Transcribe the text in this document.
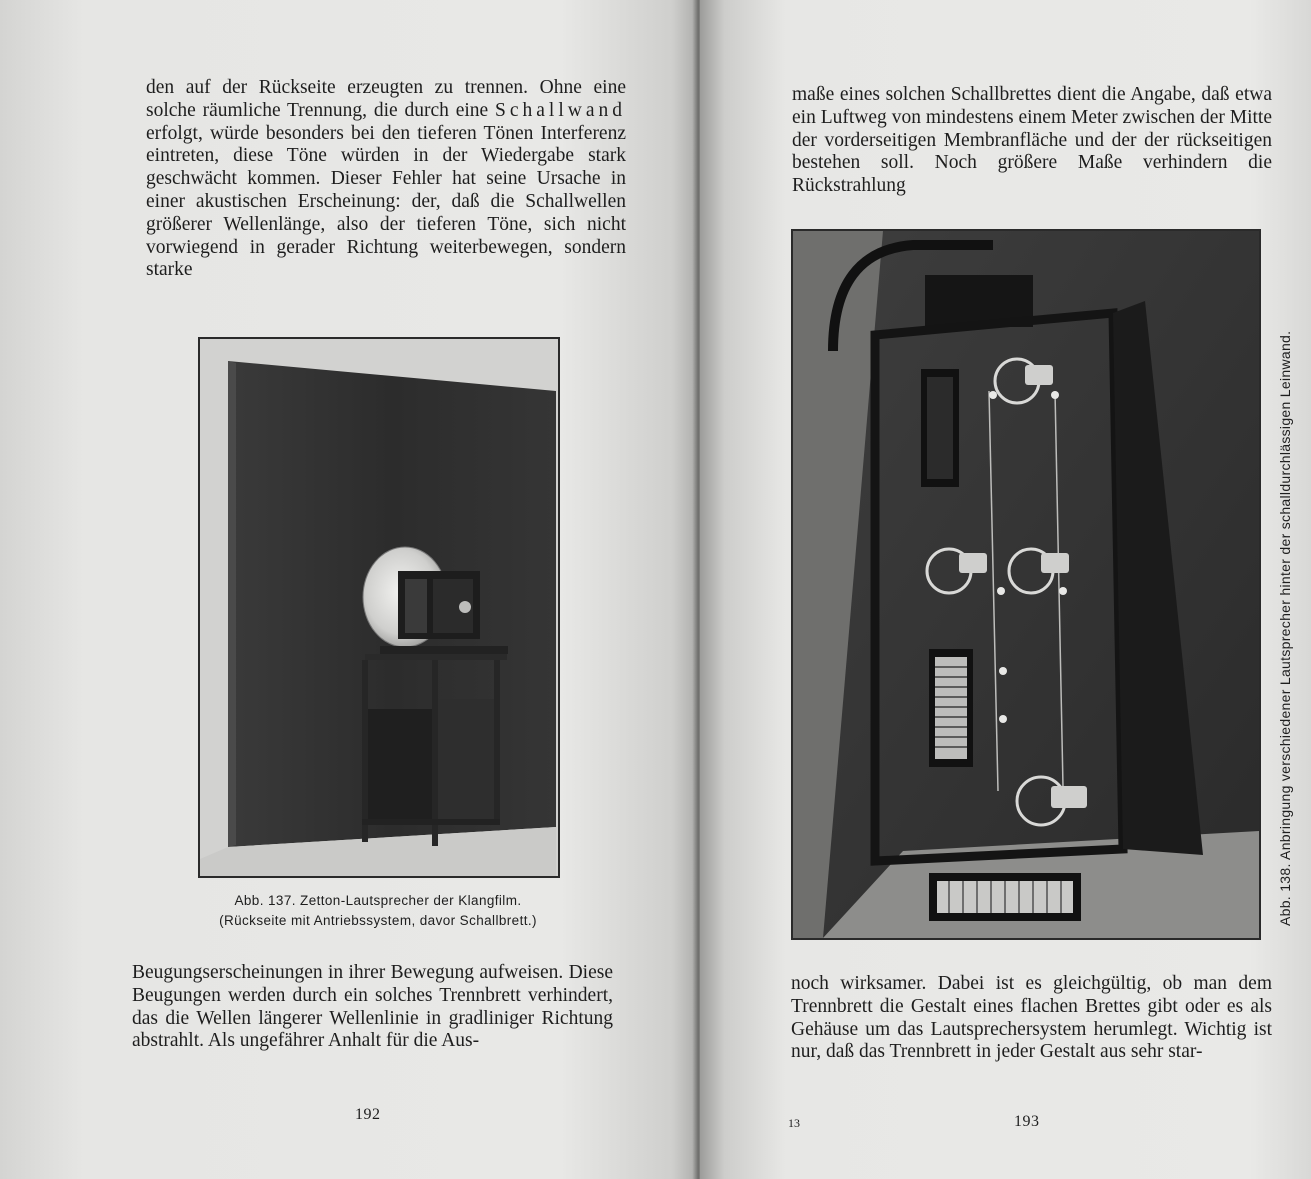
den auf der Rückseite erzeugten zu trennen. Ohne eine solche räumliche Trennung, die durch eine Schallwand erfolgt, würde besonders bei den tieferen Tönen Interferenz eintreten, diese Töne würden in der Wiedergabe stark geschwächt kommen. Dieser Fehler hat seine Ursache in einer akustischen Erscheinung: der, daß die Schallwellen größerer Wellenlänge, also der tieferen Töne, sich nicht vorwiegend in gerader Richtung weiterbewegen, sondern starke

Abb. 137. Zetton-Lautsprecher der Klangfilm.
(Rückseite mit Antriebssystem, davor Schallbrett.)

Beugungserscheinungen in ihrer Bewegung aufweisen. Diese Beugungen werden durch ein solches Trennbrett verhindert, das die Wellen längerer Wellenlinie in gradliniger Richtung abstrahlt. Als ungefährer Anhalt für die Aus-

192

maße eines solchen Schallbrettes dient die Angabe, daß etwa ein Luftweg von mindestens einem Meter zwischen der Mitte der vorderseitigen Membranfläche und der der rückseitigen bestehen soll. Noch größere Maße verhindern die Rückstrahlung

noch wirksamer. Dabei ist es gleichgültig, ob man dem Trennbrett die Gestalt eines flachen Brettes gibt oder es als Gehäuse um das Lautsprechersystem herumlegt. Wichtig ist nur, daß das Trennbrett in jeder Gestalt aus sehr star-

13	193
Abb. 138. Anbringung verschiedener Lautsprecher hinter der schalldurchlässigen Leinwand.
